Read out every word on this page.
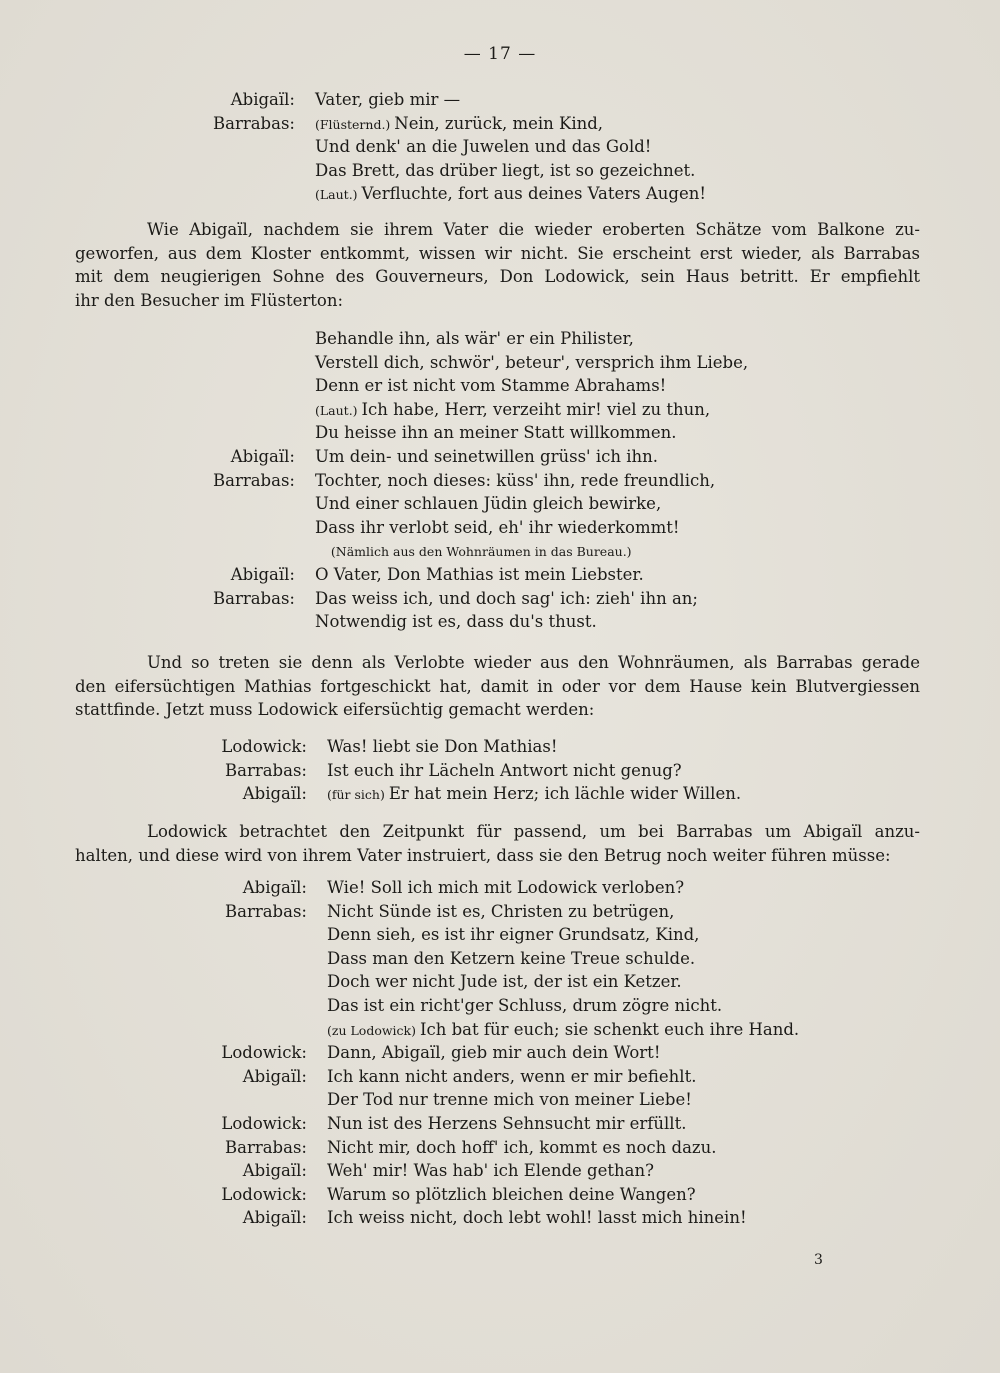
— 17 —
Abigaïl:	Vater, gieb mir —
Barrabas:	(Flüsternd.) Nein, zurück, mein Kind,
Und denk' an die Juwelen und das Gold!
Das Brett, das drüber liegt, ist so gezeichnet.
(Laut.) Verfluchte, fort aus deines Vaters Augen!
Wie Abigaïl, nachdem sie ihrem Vater die wieder eroberten Schätze vom Balkone zu-
geworfen, aus dem Kloster entkommt, wissen wir nicht. Sie erscheint erst wieder, als Barrabas
mit dem neugierigen Sohne des Gouverneurs, Don Lodowick, sein Haus betritt. Er empfiehlt
ihr den Besucher im Flüsterton:
Behandle ihn, als wär' er ein Philister,
Verstell dich, schwör', beteur', versprich ihm Liebe,
Denn er ist nicht vom Stamme Abrahams!
(Laut.) Ich habe, Herr, verzeiht mir! viel zu thun,
Du heisse ihn an meiner Statt willkommen.
Abigaïl:	Um dein- und seinetwillen grüss' ich ihn.
Barrabas:	Tochter, noch dieses: küss' ihn, rede freundlich,
Und einer schlauen Jüdin gleich bewirke,
Dass ihr verlobt seid, eh' ihr wiederkommt!
(Nämlich aus den Wohnräumen in das Bureau.)
Abigaïl:	O Vater, Don Mathias ist mein Liebster.
Barrabas:	Das weiss ich, und doch sag' ich: zieh' ihn an;
Notwendig ist es, dass du's thust.
Und so treten sie denn als Verlobte wieder aus den Wohnräumen, als Barrabas gerade
den eifersüchtigen Mathias fortgeschickt hat, damit in oder vor dem Hause kein Blutvergiessen
stattfinde. Jetzt muss Lodowick eifersüchtig gemacht werden:
Lodowick:	Was! liebt sie Don Mathias!
Barrabas:	Ist euch ihr Lächeln Antwort nicht genug?
Abigaïl:	(für sich) Er hat mein Herz; ich lächle wider Willen.
Lodowick betrachtet den Zeitpunkt für passend, um bei Barrabas um Abigaïl anzu-
halten, und diese wird von ihrem Vater instruiert, dass sie den Betrug noch weiter führen müsse:
Abigaïl:	Wie! Soll ich mich mit Lodowick verloben?
Barrabas:	Nicht Sünde ist es, Christen zu betrügen,
Denn sieh, es ist ihr eigner Grundsatz, Kind,
Dass man den Ketzern keine Treue schulde.
Doch wer nicht Jude ist, der ist ein Ketzer.
Das ist ein richt'ger Schluss, drum zögre nicht.
(zu Lodowick) Ich bat für euch; sie schenkt euch ihre Hand.
Lodowick:	Dann, Abigaïl, gieb mir auch dein Wort!
Abigaïl:	Ich kann nicht anders, wenn er mir befiehlt.
Der Tod nur trenne mich von meiner Liebe!
Lodowick:	Nun ist des Herzens Sehnsucht mir erfüllt.
Barrabas:	Nicht mir, doch hoff' ich, kommt es noch dazu.
Abigaïl:	Weh' mir! Was hab' ich Elende gethan?
Lodowick:	Warum so plötzlich bleichen deine Wangen?
Abigaïl:	Ich weiss nicht, doch lebt wohl! lasst mich hinein!
3
